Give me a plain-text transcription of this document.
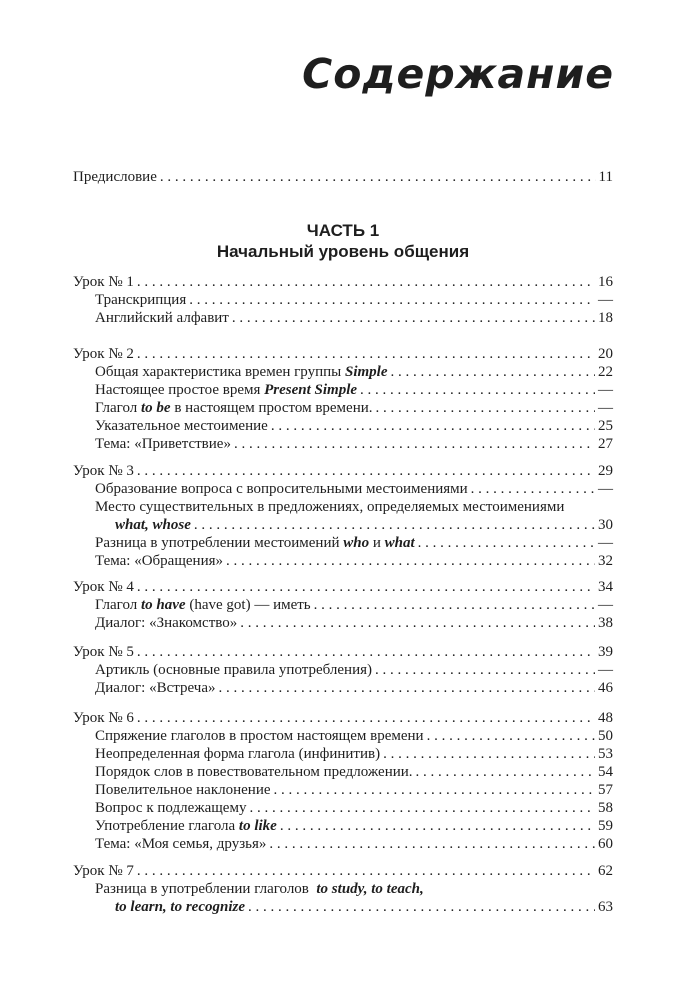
Содержание
Предисловие . . .	11
ЧАСТЬ 1
Начальный уровень общения
Урок № 1 . . .	16
Транскрипция . . .	—
Английский алфавит . . .	18
Урок № 2 . . .	20
Общая характеристика времен группы Simple . . .	22
Настоящее простое время Present Simple . . .	—
Глагол to be в настоящем простом времени. . . .	—
Указательное местоимение . . .	25
Тема: «Приветствие» . . .	27
Урок № 3 . . .	29
Образование вопроса с вопросительными местоимениями . . .	—
Место существительных в предложениях, определяемых местоимениями
what, whose . . .	30
Разница в употреблении местоимений who и what . . .	—
Тема: «Обращения» . . .	32
Урок № 4 . . .	34
Глагол to have (have got) — иметь . . .	—
Диалог: «Знакомство» . . .	38
Урок № 5 . . .	39
Артикль (основные правила употребления) . . .	—
Диалог: «Встреча» . . .	46
Урок № 6 . . .	48
Спряжение глаголов в простом настоящем времени . . .	50
Неопределенная форма глагола (инфинитив) . . .	53
Порядок слов в повествовательном предложении. . . .	54
Повелительное наклонение . . .	57
Вопрос к подлежащему . . .	58
Употребление глагола to like . . .	59
Тема: «Моя семья, друзья» . . .	60
Урок № 7 . . .	62
Разница в употреблении глаголов  to study, to teach,
to learn, to recognize . . .	63
